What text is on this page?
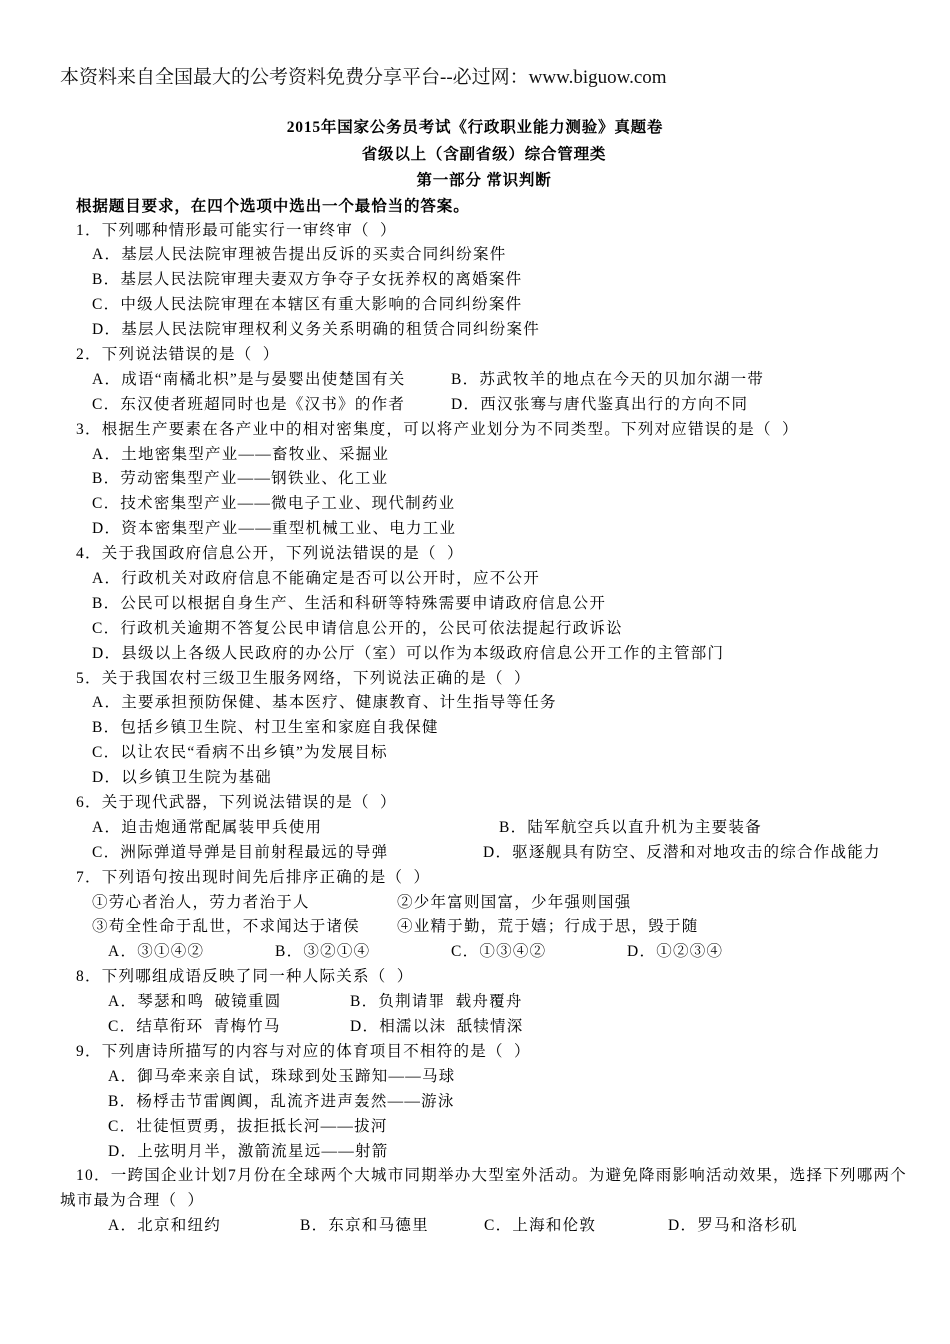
本资料来自全国最大的公考资料免费分享平台--必过网：www.biguow.com
2015年国家公务员考试《行政职业能力测验》真题卷
省级以上（含副省级）综合管理类
第一部分 常识判断
根据题目要求，在四个选项中选出一个最恰当的答案。
1．下列哪种情形最可能实行一审终审（  ）
A．基层人民法院审理被告提出反诉的买卖合同纠纷案件
B．基层人民法院审理夫妻双方争夺子女抚养权的离婚案件
C．中级人民法院审理在本辖区有重大影响的合同纠纷案件
D．基层人民法院审理权利义务关系明确的租赁合同纠纷案件
2．下列说法错误的是（  ）
A．成语“南橘北枳”是与晏婴出使楚国有关	B．苏武牧羊的地点在今天的贝加尔湖一带
C．东汉使者班超同时也是《汉书》的作者	D．西汉张骞与唐代鉴真出行的方向不同
3．根据生产要素在各产业中的相对密集度，可以将产业划分为不同类型。下列对应错误的是（  ）
A．土地密集型产业——畜牧业、采掘业
B．劳动密集型产业——钢铁业、化工业
C．技术密集型产业——微电子工业、现代制药业
D．资本密集型产业——重型机械工业、电力工业
4．关于我国政府信息公开，下列说法错误的是（  ）
A．行政机关对政府信息不能确定是否可以公开时，应不公开
B．公民可以根据自身生产、生活和科研等特殊需要申请政府信息公开
C．行政机关逾期不答复公民申请信息公开的，公民可依法提起行政诉讼
D．县级以上各级人民政府的办公厅（室）可以作为本级政府信息公开工作的主管部门
5．关于我国农村三级卫生服务网络，下列说法正确的是（  ）
A．主要承担预防保健、基本医疗、健康教育、计生指导等任务
B．包括乡镇卫生院、村卫生室和家庭自我保健
C．以让农民“看病不出乡镇”为发展目标
D．以乡镇卫生院为基础
6．关于现代武器，下列说法错误的是（  ）
A．迫击炮通常配属装甲兵使用	B．陆军航空兵以直升机为主要装备
C．洲际弹道导弹是目前射程最远的导弹	D．驱逐舰具有防空、反潜和对地攻击的综合作战能力
7．下列语句按出现时间先后排序正确的是（  ）
①劳心者治人，劳力者治于人	②少年富则国富，少年强则国强
③苟全性命于乱世，不求闻达于诸侯 ④业精于勤，荒于嬉；行成于思，毁于随
A．③①④②	B．③②①④	C．①③④②	D．①②③④
8．下列哪组成语反映了同一种人际关系（  ）
A．琴瑟和鸣  破镜重圆	B．负荆请罪  载舟覆舟
C．结草衔环  青梅竹马	D．相濡以沫  舐犊情深
9．下列唐诗所描写的内容与对应的体育项目不相符的是（  ）
A．御马牵来亲自试，珠球到处玉蹄知——马球
B．杨桴击节雷阗阗，乱流齐进声轰然——游泳
C．壮徒恒贾勇，拔拒抵长河——拔河
D．上弦明月半，激箭流星远——射箭
10．一跨国企业计划7月份在全球两个大城市同期举办大型室外活动。为避免降雨影响活动效果，选择下列哪两个
城市最为合理（  ）
A．北京和纽约	B．东京和马德里	C．上海和伦敦	D．罗马和洛杉矶
